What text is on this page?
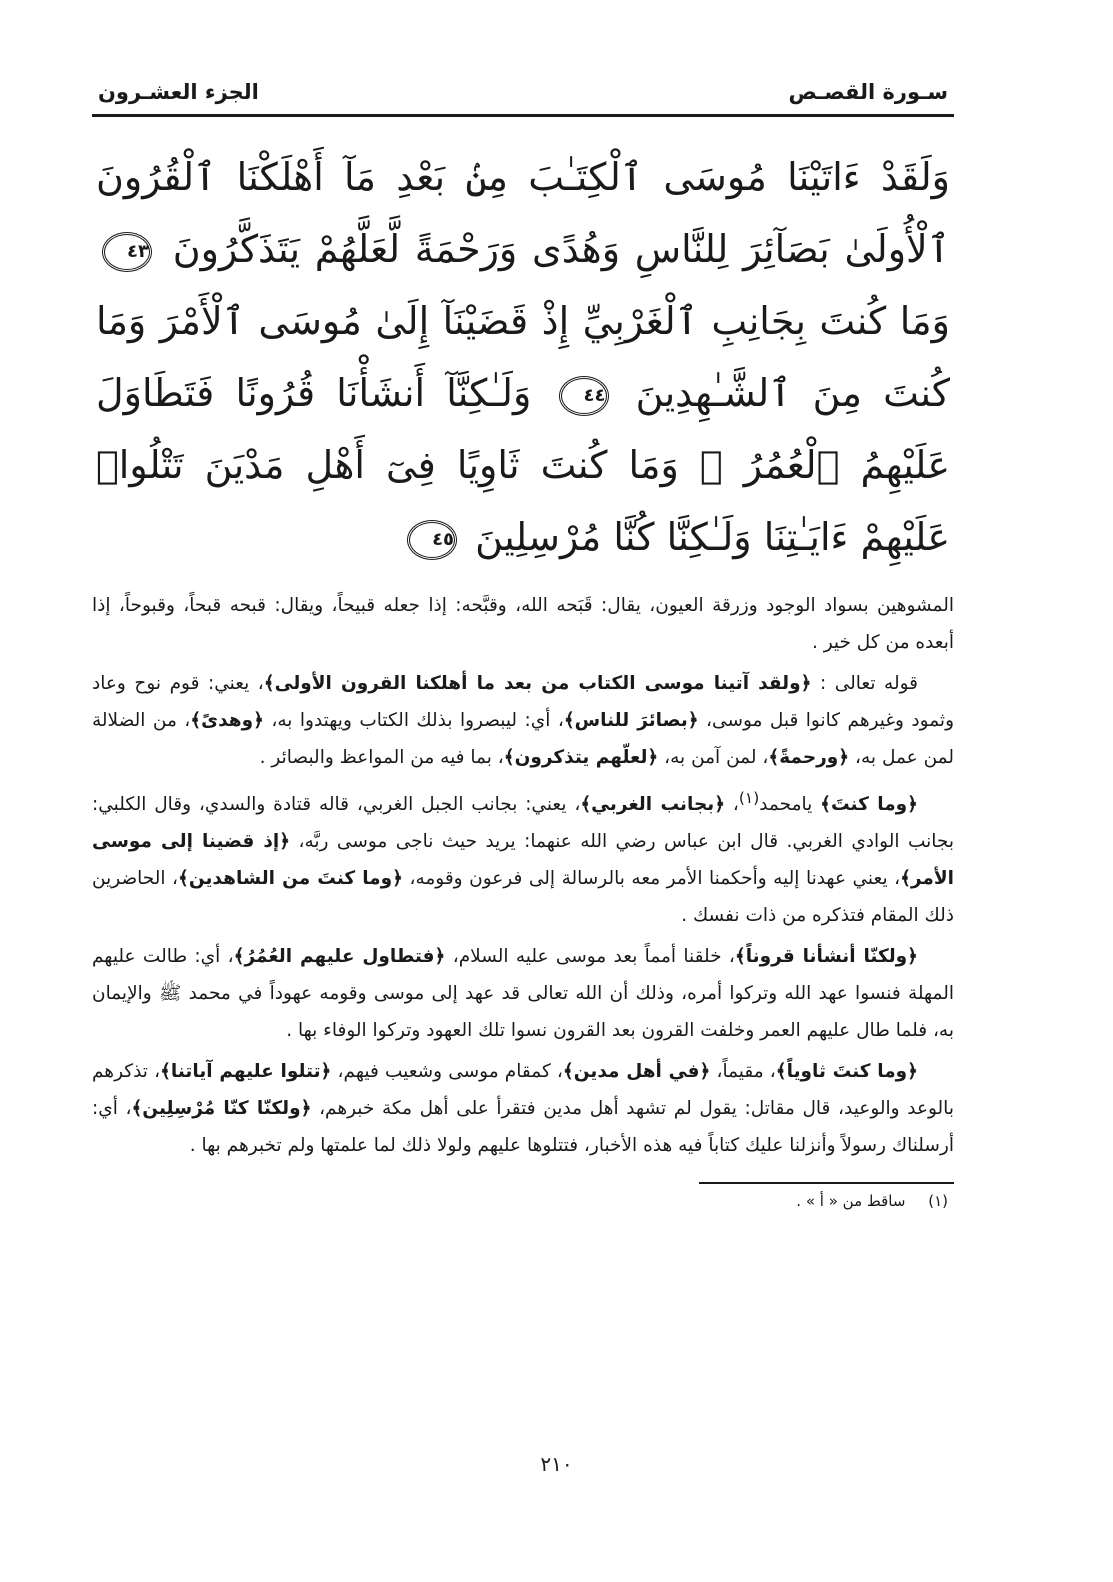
سـورة القصـص
الجزء العشـرون
وَلَقَدْ ءَاتَيْنَا مُوسَى ٱلْكِتَـٰبَ مِنۢ بَعْدِ مَآ أَهْلَكْنَا ٱلْقُرُونَ ٱلْأُولَىٰ بَصَآئِرَ لِلنَّاسِ وَهُدًى وَرَحْمَةً لَّعَلَّهُمْ يَتَذَكَّرُونَ ٤٣ وَمَا كُنتَ بِجَانِبِ ٱلْغَرْبِيِّ إِذْ قَضَيْنَآ إِلَىٰ مُوسَى ٱلْأَمْرَ وَمَا كُنتَ مِنَ ٱلشَّـٰهِدِينَ ٤٤ وَلَـٰكِنَّآ أَنشَأْنَا قُرُونًا فَتَطَاوَلَ عَلَيْهِمُ ٱلْعُمُرُ ۚ وَمَا كُنتَ ثَاوِيًا فِىٓ أَهْلِ مَدْيَنَ تَتْلُوا۟ عَلَيْهِمْ ءَايَـٰتِنَا وَلَـٰكِنَّا كُنَّا مُرْسِلِينَ ٤٥

المشوهين بسواد الوجود وزرقة العيون، يقال: قَبَحه الله، وقبَّحه: إذا جعله قبيحاً، ويقال: قبحه قبحاً، وقبوحاً، إذا أبعده من كل خير .

قوله تعالى : ﴿ولقد آتينا موسى الكتاب من بعد ما أهلكنا القرون الأولى﴾، يعني: قوم نوح وعاد وثمود وغيرهم كانوا قبل موسى، ﴿بصائرَ للناس﴾، أي: ليبصروا بذلك الكتاب ويهتدوا به، ﴿وهدىً﴾، من الضلالة لمن عمل به، ﴿ورحمةً﴾، لمن آمن به، ﴿لعلّهم يتذكرون﴾، بما فيه من المواعظ والبصائر .

﴿وما كنتَ﴾ يامحمد$^{(١)}$، ﴿بجانب الغربي﴾، يعني: بجانب الجبل الغربي، قاله قتادة والسدي، وقال الكلبي: بجانب الوادي الغربي. قال ابن عباس رضي الله عنهما: يريد حيث ناجى موسى ربَّه، ﴿إذ قضينا إلى موسى الأمر﴾، يعني عهدنا إليه وأحكمنا الأمر معه بالرسالة إلى فرعون وقومه، ﴿وما كنتَ من الشاهدين﴾، الحاضرين ذلك المقام فتذكره من ذات نفسك .

﴿ولكنّا أنشأنا قروناً﴾، خلقنا أمماً بعد موسى عليه السلام، ﴿فتطاول عليهم العُمُرُ﴾، أي: طالت عليهم المهلة فنسوا عهد الله وتركوا أمره، وذلك أن الله تعالى قد عهد إلى موسى وقومه عهوداً في محمد ﷺ والإيمان به، فلما طال عليهم العمر وخلفت القرون بعد القرون نسوا تلك العهود وتركوا الوفاء بها .

﴿وما كنتَ ثاوياً﴾، مقيماً، ﴿في أهل مدين﴾، كمقام موسى وشعيب فيهم، ﴿تتلوا عليهم آياتنا﴾، تذكرهم بالوعد والوعيد، قال مقاتل: يقول لم تشهد أهل مدين فتقرأ على أهل مكة خبرهم، ﴿ولكنّا كنّا مُرْسِلِين﴾، أي: أرسلناك رسولاً وأنزلنا عليك كتاباً فيه هذه الأخبار، فتتلوها عليهم ولولا ذلك لما علمتها ولم تخبرهم بها .

(١) ساقط من « أ » .
٢١٠
